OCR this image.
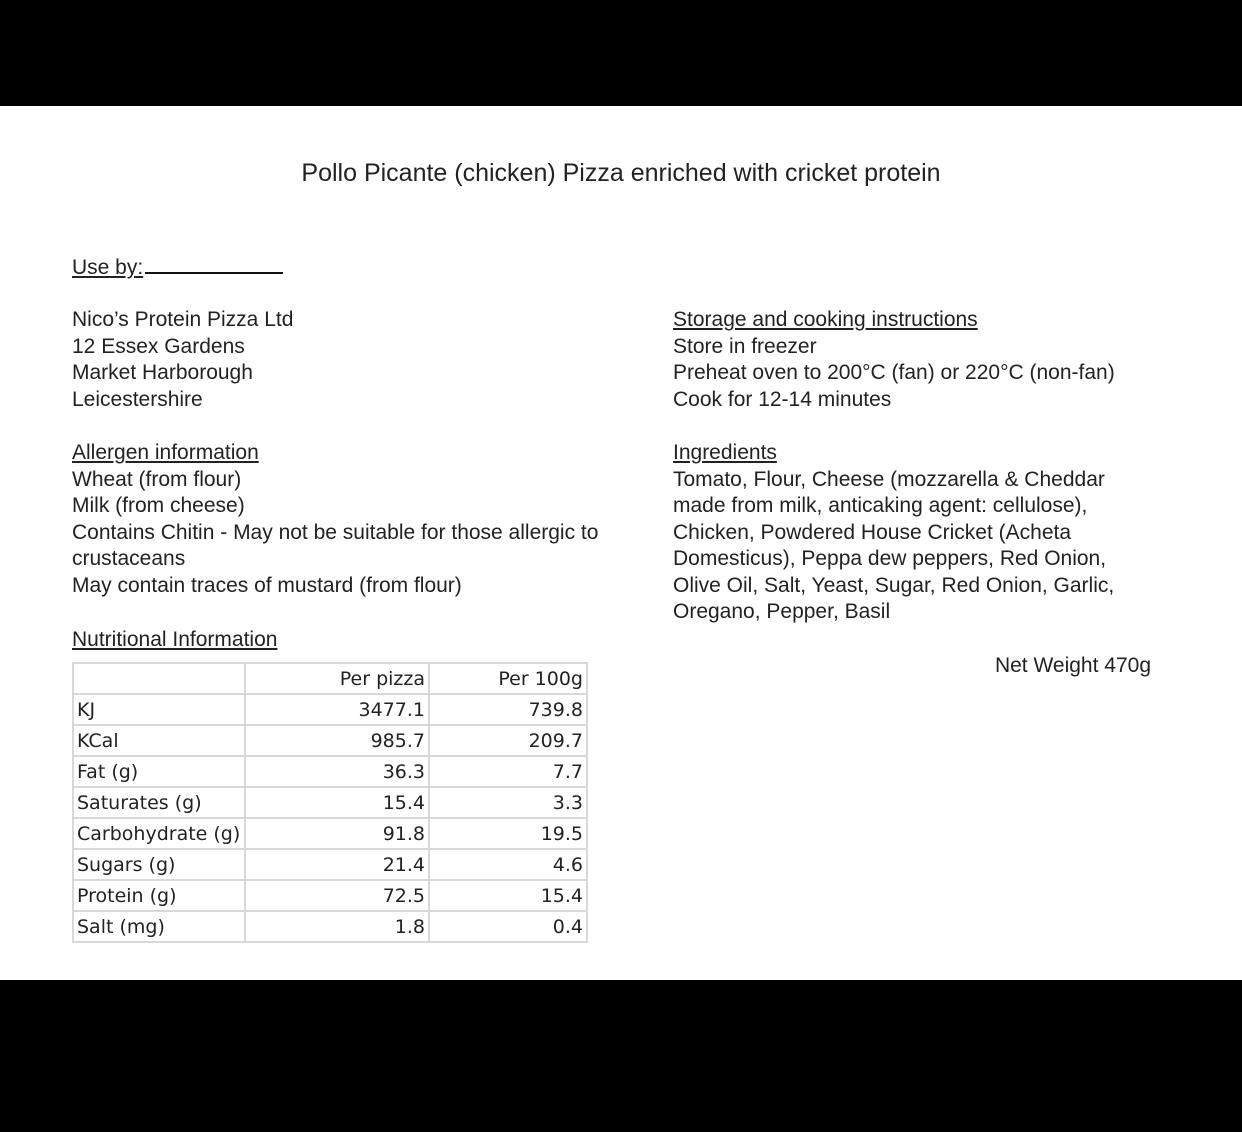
Pollo Picante (chicken) Pizza enriched with cricket protein
Use by:
Nico’s Protein Pizza Ltd
12 Essex Gardens
Market Harborough
Leicestershire
Allergen information
Wheat (from flour)
Milk (from cheese)
Contains Chitin - May not be suitable for those allergic to
crustaceans
May contain traces of mustard (from flour)
Storage and cooking instructions
Store in freezer
Preheat oven to 200°C (fan) or 220°C (non-fan)
Cook for 12-14 minutes
Ingredients
Tomato, Flour, Cheese (mozzarella & Cheddar
made from milk, anticaking agent: cellulose),
Chicken, Powdered House Cricket (Acheta
Domesticus), Peppa dew peppers, Red Onion,
Olive Oil, Salt, Yeast, Sugar, Red Onion, Garlic,
Oregano, Pepper, Basil
Net Weight 470g
Nutritional Information
	Per pizza	Per 100g
KJ	3477.1	739.8
KCal	985.7	209.7
Fat (g)	36.3	7.7
Saturates (g)	15.4	3.3
Carbohydrate (g)	91.8	19.5
Sugars (g)	21.4	4.6
Protein (g)	72.5	15.4
Salt (mg)	1.8	0.4
